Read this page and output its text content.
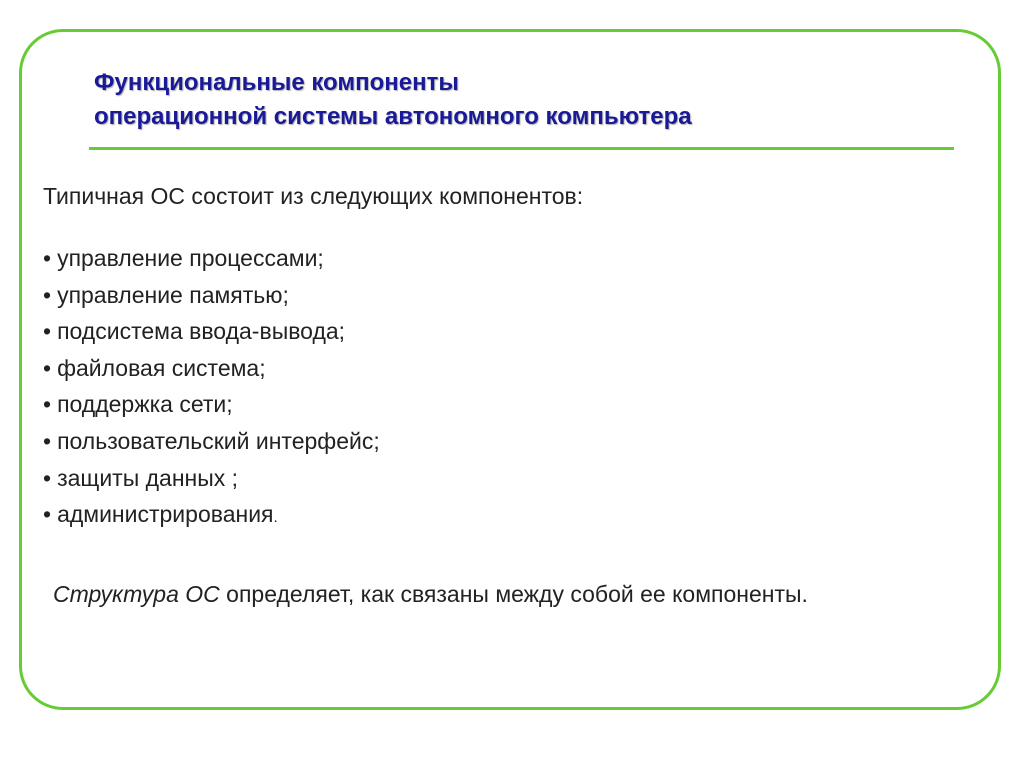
Функциональные компоненты
операционной системы автономного компьютера

Типичная ОС состоит из следующих компонентов:

• управление процессами;
• управление памятью;
• подсистема ввода-вывода;
• файловая система;
• поддержка сети;
• пользовательский интерфейс;
• защиты данных ;
• администрирования.

Структура ОС определяет, как связаны между собой ее компоненты.
